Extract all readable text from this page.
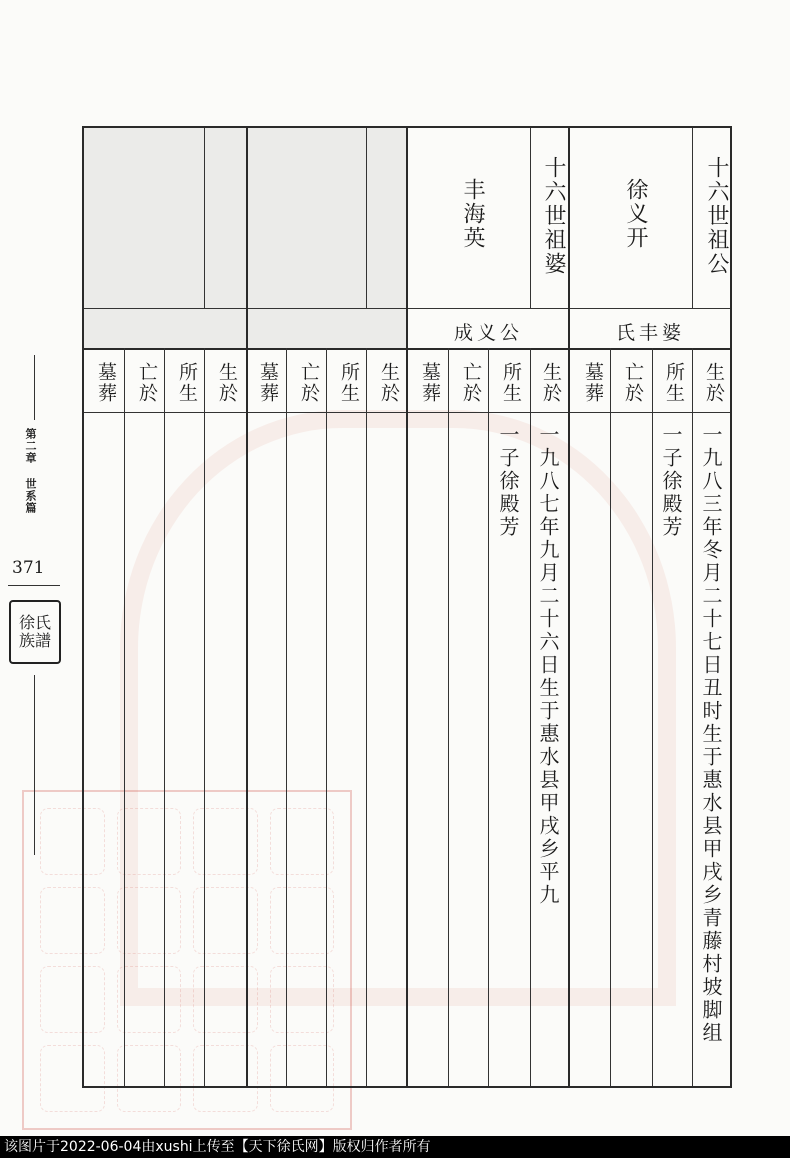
第二章 世系篇
371
徐氏
族譜
十六世祖公
徐义开
氏丰婆
生於
所生
亡於
墓葬
一九八三年冬月二十七日丑时生于惠水县甲戌乡青藤村坡脚组
一子徐殿芳
十六世祖婆
丰海英
成义公
生於
所生
亡於
墓葬
一九八七年九月二十六日生于惠水县甲戌乡平九
一子徐殿芳
生於
所生
亡於
墓葬
生於
所生
亡於
墓葬
该图片于2022-06-04由xushi上传至【天下徐氏网】版权归作者所有
